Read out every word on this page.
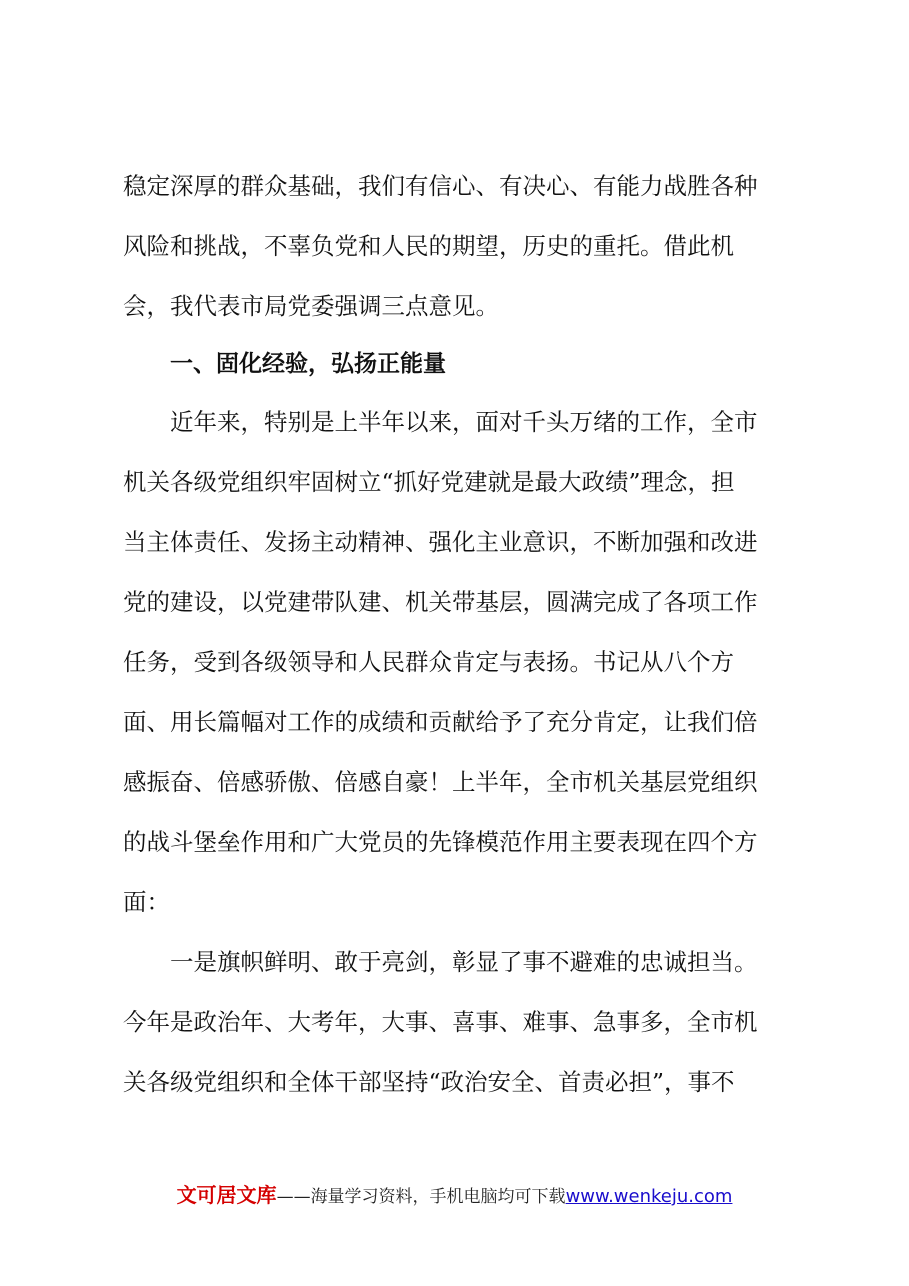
稳定深厚的群众基础，我们有信心、有决心、有能力战胜各种
风险和挑战，不辜负党和人民的期望，历史的重托。借此机
会，我代表市局党委强调三点意见。
一、固化经验，弘扬正能量
　　近年来，特别是上半年以来，面对千头万绪的工作，全市
机关各级党组织牢固树立“抓好党建就是最大政绩”理念，担
当主体责任、发扬主动精神、强化主业意识，不断加强和改进
党的建设，以党建带队建、机关带基层，圆满完成了各项工作
任务，受到各级领导和人民群众肯定与表扬。书记从八个方
面、用长篇幅对工作的成绩和贡献给予了充分肯定，让我们倍
感振奋、倍感骄傲、倍感自豪！上半年，全市机关基层党组织
的战斗堡垒作用和广大党员的先锋模范作用主要表现在四个方
面：
　　一是旗帜鲜明、敢于亮剑，彰显了事不避难的忠诚担当。
今年是政治年、大考年，大事、喜事、难事、急事多，全市机
关各级党组织和全体干部坚持“政治安全、首责必担”，事不
文可居文库——海量学习资料，手机电脑均可下载www.wenkeju.com
